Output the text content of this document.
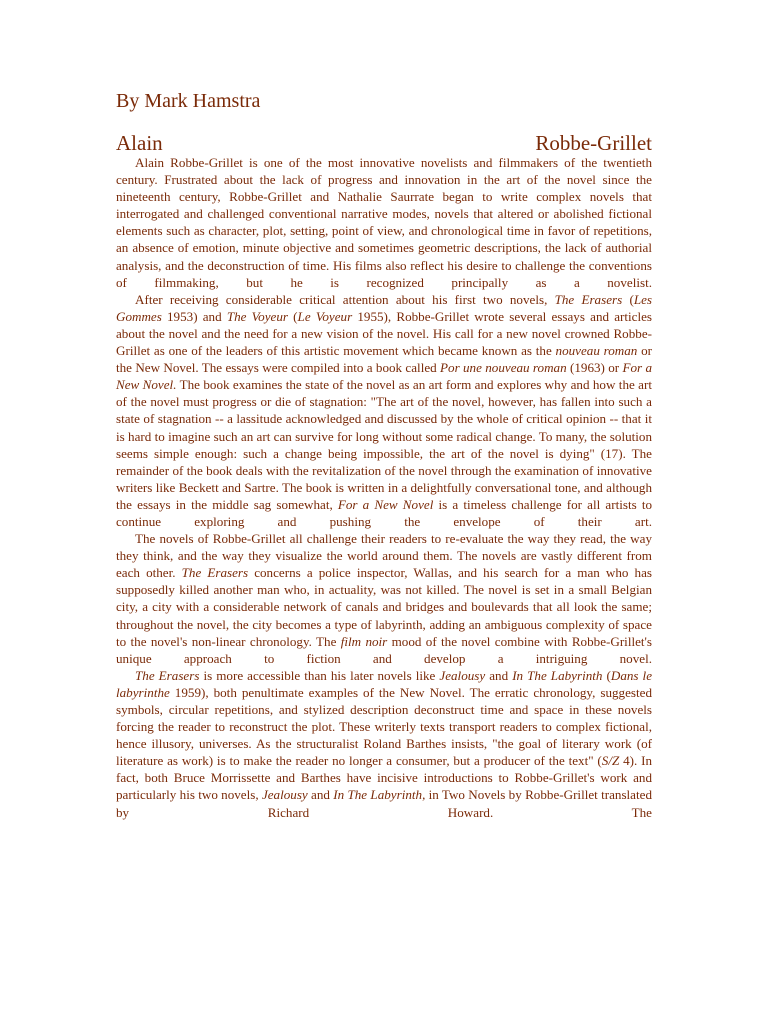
By Mark Hamstra
Alain	Robbe-Grillet

Alain Robbe-Grillet is one of the most innovative novelists and filmmakers of the twentieth century. Frustrated about the lack of progress and innovation in the art of the novel since the nineteenth century, Robbe-Grillet and Nathalie Saurrate began to write complex novels that interrogated and challenged conventional narrative modes, novels that altered or abolished fictional elements such as character, plot, setting, point of view, and chronological time in favor of repetitions, an absence of emotion, minute objective and sometimes geometric descriptions, the lack of authorial analysis, and the deconstruction of time. His films also reflect his desire to challenge the conventions of filmmaking, but he is recognized principally as a novelist.

After receiving considerable critical attention about his first two novels, The Erasers (Les Gommes 1953) and The Voyeur (Le Voyeur 1955), Robbe-Grillet wrote several essays and articles about the novel and the need for a new vision of the novel. His call for a new novel crowned Robbe-Grillet as one of the leaders of this artistic movement which became known as the nouveau roman or the New Novel. The essays were compiled into a book called Por une nouveau roman (1963) or For a New Novel. The book examines the state of the novel as an art form and explores why and how the art of the novel must progress or die of stagnation: "The art of the novel, however, has fallen into such a state of stagnation -- a lassitude acknowledged and discussed by the whole of critical opinion -- that it is hard to imagine such an art can survive for long without some radical change. To many, the solution seems simple enough: such a change being impossible, the art of the novel is dying" (17). The remainder of the book deals with the revitalization of the novel through the examination of innovative writers like Beckett and Sartre. The book is written in a delightfully conversational tone, and although the essays in the middle sag somewhat, For a New Novel is a timeless challenge for all artists to continue exploring and pushing the envelope of their art.

The novels of Robbe-Grillet all challenge their readers to re-evaluate the way they read, the way they think, and the way they visualize the world around them. The novels are vastly different from each other. The Erasers concerns a police inspector, Wallas, and his search for a man who has supposedly killed another man who, in actuality, was not killed. The novel is set in a small Belgian city, a city with a considerable network of canals and bridges and boulevards that all look the same; throughout the novel, the city becomes a type of labyrinth, adding an ambiguous complexity of space to the novel's non-linear chronology. The film noir mood of the novel combine with Robbe-Grillet's unique approach to fiction and develop a intriguing novel.

The Erasers is more accessible than his later novels like Jealousy and In The Labyrinth (Dans le labyrinthe 1959), both penultimate examples of the New Novel. The erratic chronology, suggested symbols, circular repetitions, and stylized description deconstruct time and space in these novels forcing the reader to reconstruct the plot. These writerly texts transport readers to complex fictional, hence illusory, universes. As the structuralist Roland Barthes insists, "the goal of literary work (of literature as work) is to make the reader no longer a consumer, but a producer of the text" (S/Z 4). In fact, both Bruce Morrissette and Barthes have incisive introductions to Robbe-Grillet's work and particularly his two novels, Jealousy and In The Labyrinth, in Two Novels by Robbe-Grillet translated by Richard Howard. The
